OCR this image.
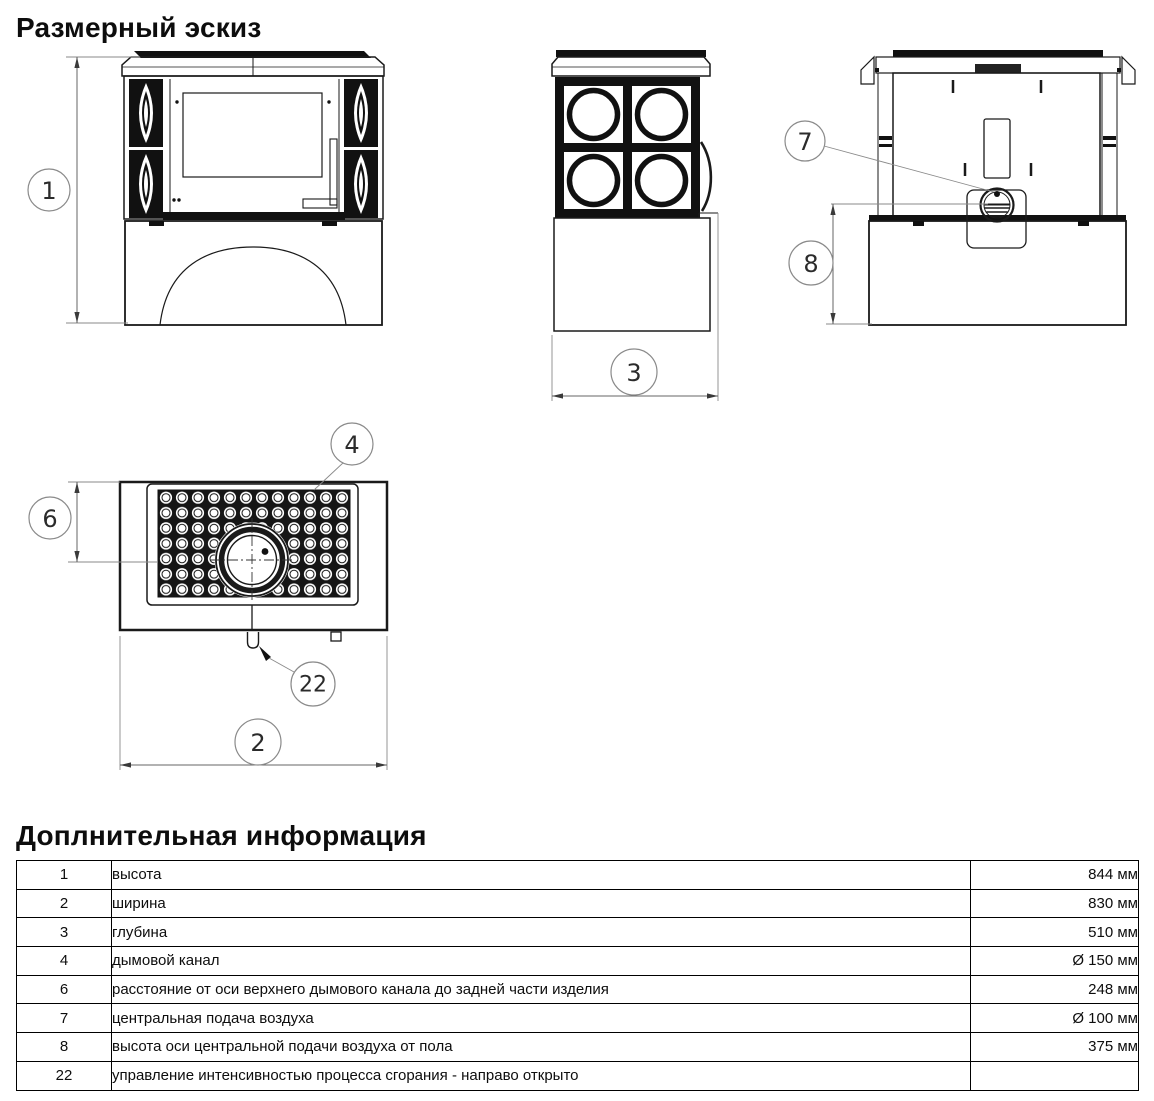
Размерный эскиз
1
3
7
8
4
6
22
2
Доплнительная информация
1	высота	844 мм
2	ширина	830 мм
3	глубина	510 мм
4	дымовой канал	Ø 150 мм
6	расстояние от оси верхнего дымового канала до задней части изделия	248 мм
7	центральная подача воздуха	Ø 100 мм
8	высота оси центральной подачи воздуха от пола	375 мм
22	управление интенсивностью процесса сгорания - направо открыто	
